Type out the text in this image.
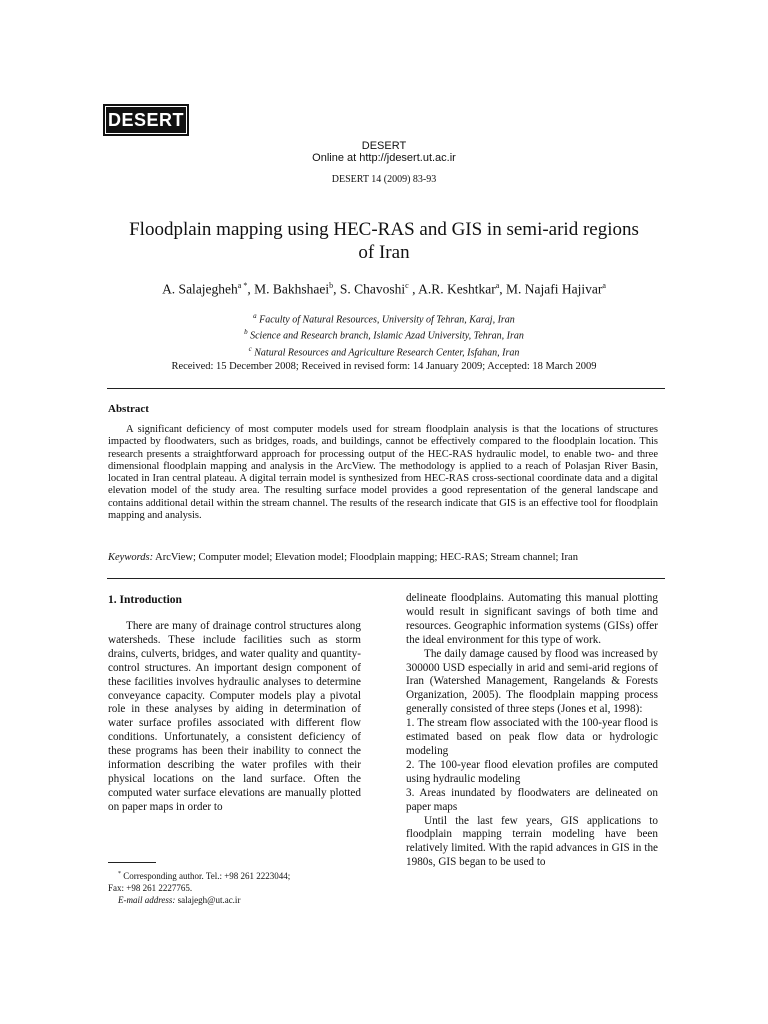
DESERT
DESERT
Online at http://jdesert.ut.ac.ir
DESERT 14 (2009) 83-93
Floodplain mapping using HEC-RAS and GIS in semi-arid regions of Iran
A. Salajegheh$^{a *}$, M. Bakhshaei$^b$, S. Chavoshi$^c$ , A.R. Keshtkar$^a$, M. Najafi Hajivar$^a$
$^a$ Faculty of Natural Resources, University of Tehran, Karaj, Iran
$^b$ Science and Research branch, Islamic Azad University, Tehran, Iran
$^c$ Natural Resources and Agriculture Research Center, Isfahan, Iran
Received: 15 December 2008; Received in revised form: 14 January 2009; Accepted: 18 March 2009
Abstract
A significant deficiency of most computer models used for stream floodplain analysis is that the locations of structures impacted by floodwaters, such as bridges, roads, and buildings, cannot be effectively compared to the floodplain location. This research presents a straightforward approach for processing output of the HEC-RAS hydraulic model, to enable two- and three dimensional floodplain mapping and analysis in the ArcView. The methodology is applied to a reach of Polasjan River Basin, located in Iran central plateau. A digital terrain model is synthesized from HEC-RAS cross-sectional coordinate data and a digital elevation model of the study area. The resulting surface model provides a good representation of the general landscape and contains additional detail within the stream channel. The results of the research indicate that GIS is an effective tool for floodplain mapping and analysis.
Keywords: ArcView; Computer model; Elevation model; Floodplain mapping; HEC-RAS; Stream channel; Iran
1. Introduction

There are many of drainage control structures along watersheds. These include facilities such as storm drains, culverts, bridges, and water quality and quantity-control structures. An important design component of these facilities involves hydraulic analyses to determine conveyance capacity. Computer models play a pivotal role in these analyses by aiding in determination of water surface profiles associated with different flow conditions. Unfortunately, a consistent deficiency of these programs has been their inability to connect the information describing the water profiles with their physical locations on the land surface. Often the computed water surface elevations are manually plotted on paper maps in order to

delineate floodplains. Automating this manual plotting would result in significant savings of both time and resources. Geographic information systems (GISs) offer the ideal environment for this type of work.

The daily damage caused by flood was increased by 300000 USD especially in arid and semi-arid regions of Iran (Watershed Management, Rangelands & Forests Organization, 2005). The floodplain mapping process generally consisted of three steps (Jones et al, 1998):

1. The stream flow associated with the 100-year flood is estimated based on peak flow data or hydrologic modeling

2. The 100-year flood elevation profiles are computed using hydraulic modeling

3. Areas inundated by floodwaters are delineated on paper maps

Until the last few years, GIS applications to floodplain mapping terrain modeling have been relatively limited. With the rapid advances in GIS in the 1980s, GIS began to be used to

* Corresponding author. Tel.: +98 261 2223044;
Fax: +98 261 2227765.
E-mail address: salajegh@ut.ac.ir
